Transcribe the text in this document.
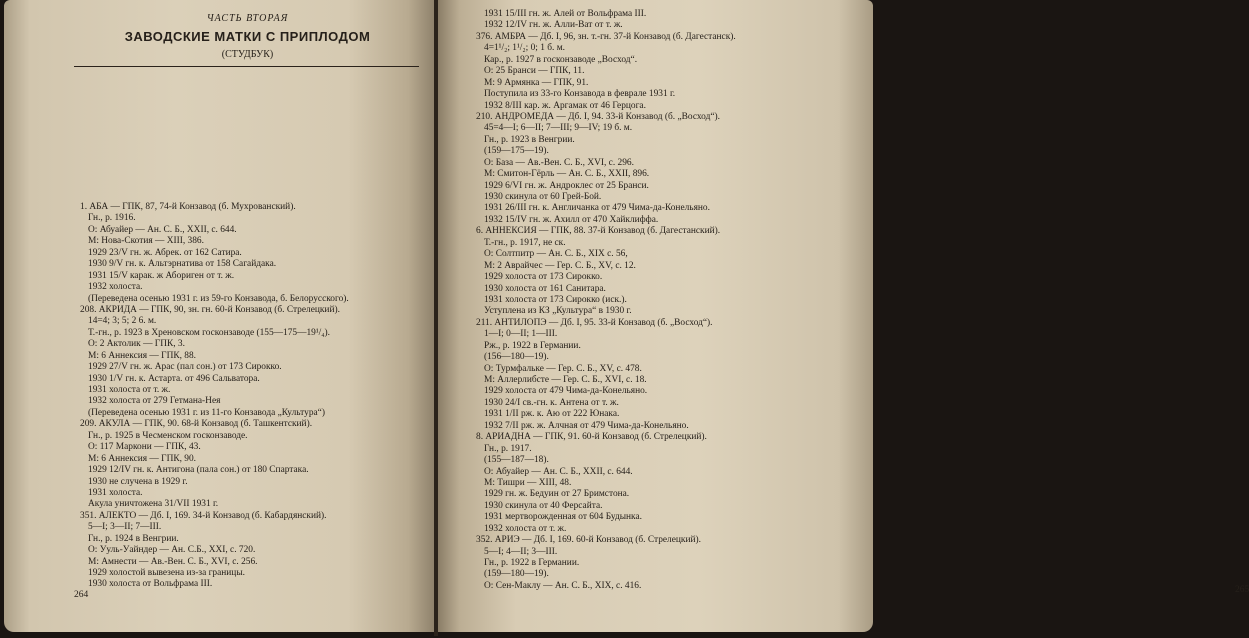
ЧАСТЬ ВТОРАЯ
ЗАВОДСКИЕ МАТКИ С ПРИПЛОДОМ
(СТУДБУК)
1. АБА — ГПК, 87, 74-й Конзавод (б. Мухрованский).
Гн., р. 1916.
О: Абуайер — Ан. С. Б., XXII, с. 644.
М: Нова-Скотия — XIII, 386.
1929 23/V гн. ж. Абрек. от 162 Сатира.
1930 9/V гн. к. Альтэрнатива от 158 Сагайдака.
1931 15/V карак. ж Абориген от т. ж.
1932 холоста.
(Переведена осенью 1931 г. из 59-го Конзавода, б. Белорусского).
208. АКРИДА — ГПК, 90, зн. гн. 60-й Конзавод (б. Стрелецкий).
14=4; 3; 5; 2 6. м.
Т.-гн., р. 1923 в Хреновском госконзаводе (155—175—19¹/₄).
О: 2 Актолик — ГПК, 3.
М: 6 Аннексия — ГПК, 88.
1929 27/V гн. ж. Арас (пал сон.) от 173 Сирокко.
1930 1/V гн. к. Астарта. от 496 Сальватора.
1931 холоста от т. ж.
1932 холоста от 279 Гетмана-Нея
(Переведена осенью 1931 г. из 11-го Конзавода „Культура“)
209. АКУЛА — ГПК, 90. 68-й Конзавод (б. Ташкентский).
Гн., р. 1925 в Чесменском госконзаводе.
О: 117 Маркони — ГПК, 43.
М: 6 Аннексия — ГПК, 90.
1929 12/IV гн. к. Антигона (пала сон.) от 180 Спартака.
1930 не случена в 1929 г.
1931 холоста.
Акула уничтожена 31/VII 1931 г.
351. АЛЕКТО — Дб. I, 169. 34-й Конзавод (б. Кабардянский).
5—I; 3—II; 7—III.
Гн., р. 1924 в Венгрии.
О: Ууль-Уайндер — Ан. С.Б., XXI, с. 720.
М: Амнести — Ав.-Вен. С. Б., XVI, с. 256.
1929 холостой вывезена из-за границы.
1930 холоста от Вольфрама III.
264	265
1931 15/III гн. ж. Алей от Вольфрама III.
1932 12/IV гн. ж. Алли-Ват от т. ж.
376. АМБРА — Дб. I, 96, зн. т.-гн. 37-й Конзавод (б. Дагестанск).
4=1¹/₂; 1¹/₂; 0; 1 б. м.
Кар., р. 1927 в госконзаводе „Восход“.
О: 25 Бранси — ГПК, 11.
М: 9 Армянка — ГПК, 91.
Поступила из 33-го Конзавода в феврале 1931 г.
1932 8/III кар. ж. Аргамак от 46 Герцога.
210. АНДРОМЕДА — Дб. I, 94. 33-й Конзавод (б. „Восход“).
45=4—I; 6—II; 7—III; 9—IV; 19 б. м.
Гн., р. 1923 в Венгрии.
(159—175—19).
О: База — Ав.-Вен. С. Б., XVI, с. 296.
М: Смитон-Гёрль — Ан. С. Б., XXII, 896.
1929 6/VI гн. ж. Андроклес от 25 Бранси.
1930 скинула от 60 Грей-Бой.
1931 26/III гн. к. Англичанка от 479 Чима-да-Конельяно.
1932 15/IV гн. ж. Ахилл от 470 Хайклиффа.
6. АННЕКСИЯ — ГПК, 88. 37-й Конзавод (б. Дагестанский).
Т.-гн., р. 1917, не ск.
О: Солтпитр — Ан. С. Б., XIX с. 56,
М: 2 Аврайчес — Гер. С. Б., XV, с. 12.
1929 холоста от 173 Сирокко.
1930 холоста от 161 Санитара.
1931 холоста от 173 Сирокко (иск.).
Уступлена из КЗ „Культура“ в 1930 г.
211. АНТИЛОПЭ — Дб. I, 95. 33-й Конзавод (б. „Восход“).
1—I; 0—II; 1—III.
Рж., р. 1922 в Германии.
(156—180—19).
О: Турмфальке — Гер. С. Б., XV, с. 478.
М: Аллерлибсте — Гер. С. Б., XVI, с. 18.
1929 холоста от 479 Чима-да-Конельяно.
1930 24/I св.-гн. к. Антена от т. ж.
1931 1/II рж. к. Аю от 222 Юнака.
1932 7/II рж. ж. Алчная от 479 Чима-да-Конельяно.
8. АРИАДНА — ГПК, 91. 60-й Конзавод (б. Стрелецкий).
Гн., р. 1917.
(155—187—18).
О: Абуайер — Ан. С. Б., XXII, с. 644.
М: Тишри — XIII, 48.
1929 гн. ж. Бедуин от 27 Бримстона.
1930 скинула от 40 Ферсайта.
1931 мертворожденная от 604 Будынка.
1932 холоста от т. ж.
352. АРИЭ — Дб. I, 169. 60-й Конзавод (б. Стрелецкий).
5—I; 4—II; 3—III.
Гн., р. 1922 в Германии.
(159—180—19).
О: Сен-Маклу — Ан. С. Б., XIX, с. 416.
